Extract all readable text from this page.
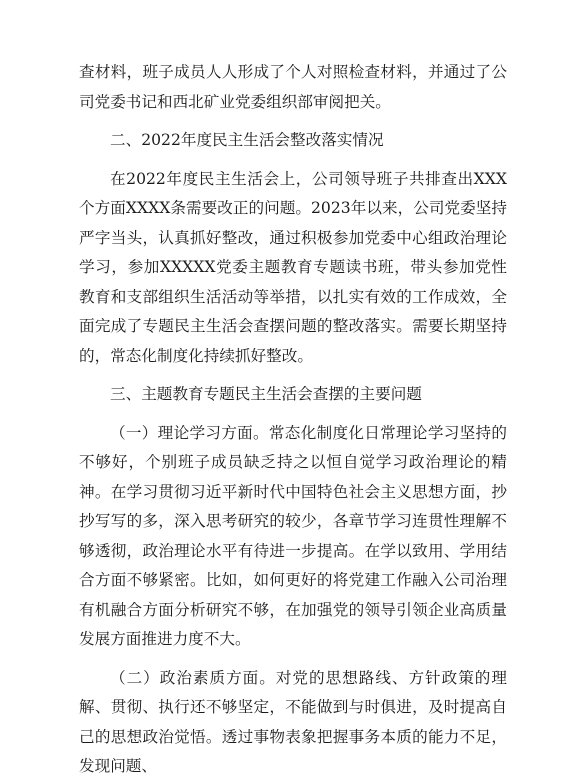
查材料，班子成员人人形成了个人对照检查材料，并通过了公司党委书记和西北矿业党委组织部审阅把关。

二、2022年度民主生活会整改落实情况

在2022年度民主生活会上，公司领导班子共排查出XXX个方面XXXX条需要改正的问题。2023年以来，公司党委坚持严字当头，认真抓好整改，通过积极参加党委中心组政治理论学习，参加XXXXX党委主题教育专题读书班，带头参加党性教育和支部组织生活活动等举措，以扎实有效的工作成效，全面完成了专题民主生活会查摆问题的整改落实。需要长期坚持的，常态化制度化持续抓好整改。

三、主题教育专题民主生活会查摆的主要问题

（一）理论学习方面。常态化制度化日常理论学习坚持的不够好，个别班子成员缺乏持之以恒自觉学习政治理论的精神。在学习贯彻习近平新时代中国特色社会主义思想方面，抄抄写写的多，深入思考研究的较少，各章节学习连贯性理解不够透彻，政治理论水平有待进一步提高。在学以致用、学用结合方面不够紧密。比如，如何更好的将党建工作融入公司治理有机融合方面分析研究不够，在加强党的领导引领企业高质量发展方面推进力度不大。

（二）政治素质方面。对党的思想路线、方针政策的理解、贯彻、执行还不够坚定，不能做到与时俱进，及时提高自己的思想政治觉悟。透过事物表象把握事务本质的能力不足，发现问题、
